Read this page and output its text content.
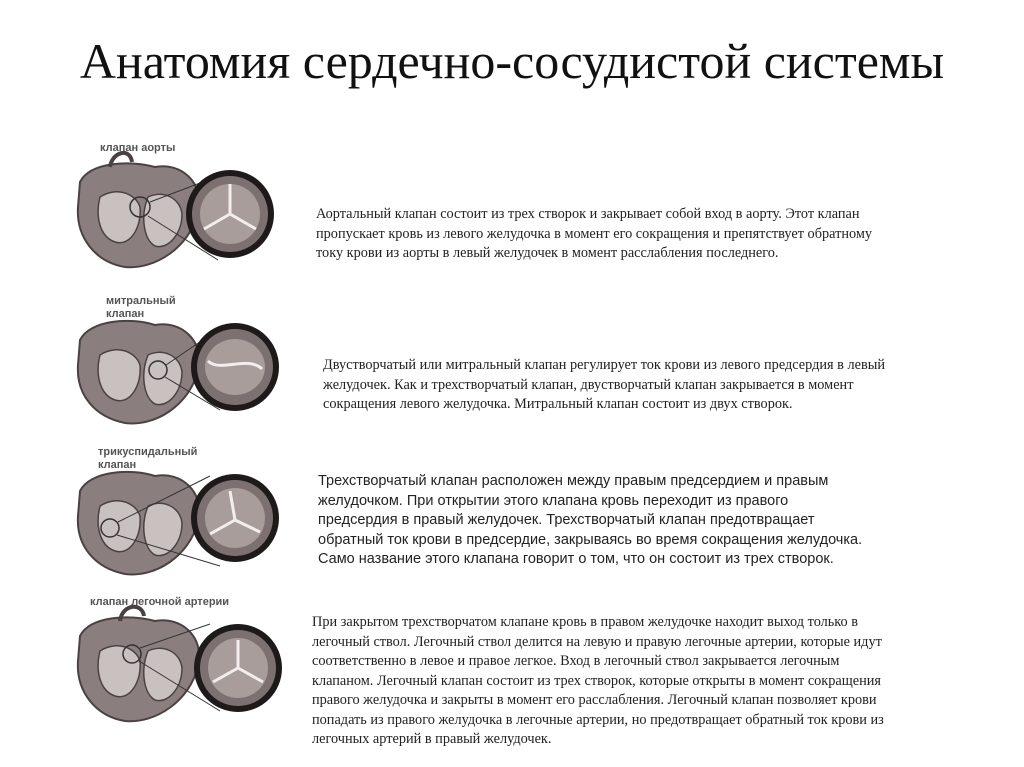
Анатомия сердечно-сосудистой системы
клапан аорты
митральный
клапан
трикуспидальный
клапан
клапан легочной артерии
Аортальный клапан состоит из трех створок и закрывает собой вход в аорту. Этот клапан
пропускает кровь из левого желудочка в момент его сокращения и препятствует обратному
току крови из аорты в левый желудочек в момент расслабления последнего.
Двустворчатый или митральный клапан регулирует ток крови из левого предсердия в левый
желудочек. Как и трехстворчатый клапан, двустворчатый клапан закрывается в момент
сокращения левого желудочка. Митральный клапан состоит из двух створок.
Трехстворчатый клапан расположен между правым предсердием и правым
желудочком. При открытии этого клапана кровь переходит из правого
предсердия в правый желудочек. Трехстворчатый клапан предотвращает
обратный ток крови в предсердие, закрываясь во время сокращения желудочка.
Само название этого клапана говорит о том, что он состоит из трех створок.
При закрытом трехстворчатом клапане кровь в правом желудочке находит выход только в
легочный ствол. Легочный ствол делится на левую и правую легочные артерии, которые идут
соответственно в левое и правое легкое. Вход в легочный ствол закрывается легочным
клапаном. Легочный клапан состоит из трех створок, которые открыты в момент сокращения
правого желудочка и закрыты в момент его расслабления. Легочный клапан позволяет крови
попадать из правого желудочка в легочные артерии, но предотвращает обратный ток крови из
легочных артерий в правый желудочек.
